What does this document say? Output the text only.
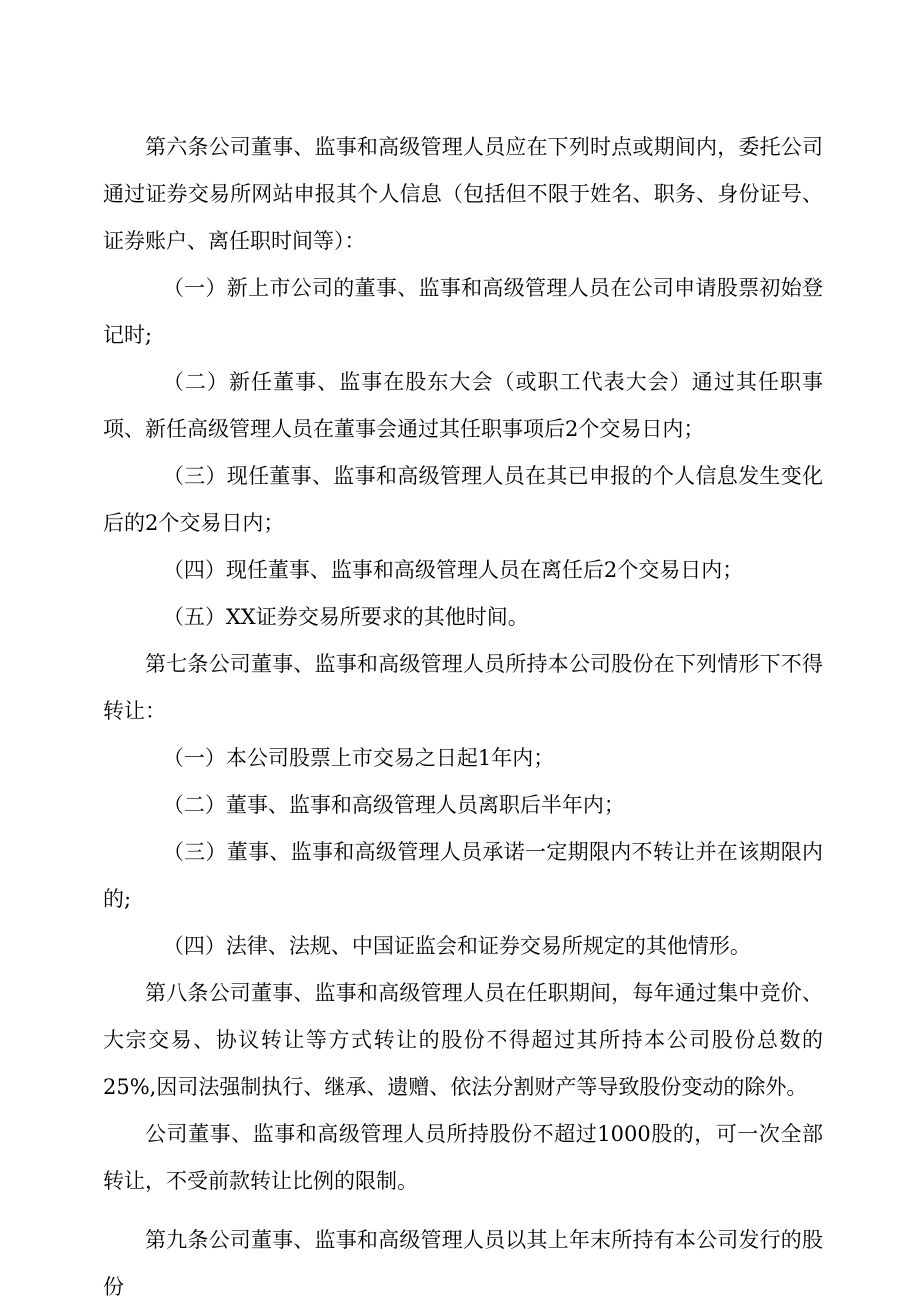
第六条公司董事、监事和高级管理人员应在下列时点或期间内，委托公司通过证券交易所网站申报其个人信息（包括但不限于姓名、职务、身份证号、证券账户、离任职时间等）：

（一）新上市公司的董事、监事和高级管理人员在公司申请股票初始登记时;

（二）新任董事、监事在股东大会（或职工代表大会）通过其任职事项、新任高级管理人员在董事会通过其任职事项后2个交易日内；

（三）现任董事、监事和高级管理人员在其已申报的个人信息发生变化后的2个交易日内；

（四）现任董事、监事和高级管理人员在离任后2个交易日内；

（五）XX证券交易所要求的其他时间。

第七条公司董事、监事和高级管理人员所持本公司股份在下列情形下不得转让：

（一）本公司股票上市交易之日起1年内；

（二）董事、监事和高级管理人员离职后半年内；

（三）董事、监事和高级管理人员承诺一定期限内不转让并在该期限内的;

（四）法律、法规、中国证监会和证券交易所规定的其他情形。

第八条公司董事、监事和高级管理人员在任职期间，每年通过集中竞价、大宗交易、协议转让等方式转让的股份不得超过其所持本公司股份总数的25%,因司法强制执行、继承、遗赠、依法分割财产等导致股份变动的除外。

公司董事、监事和高级管理人员所持股份不超过1000股的，可一次全部转让，不受前款转让比例的限制。

第九条公司董事、监事和高级管理人员以其上年末所持有本公司发行的股份
